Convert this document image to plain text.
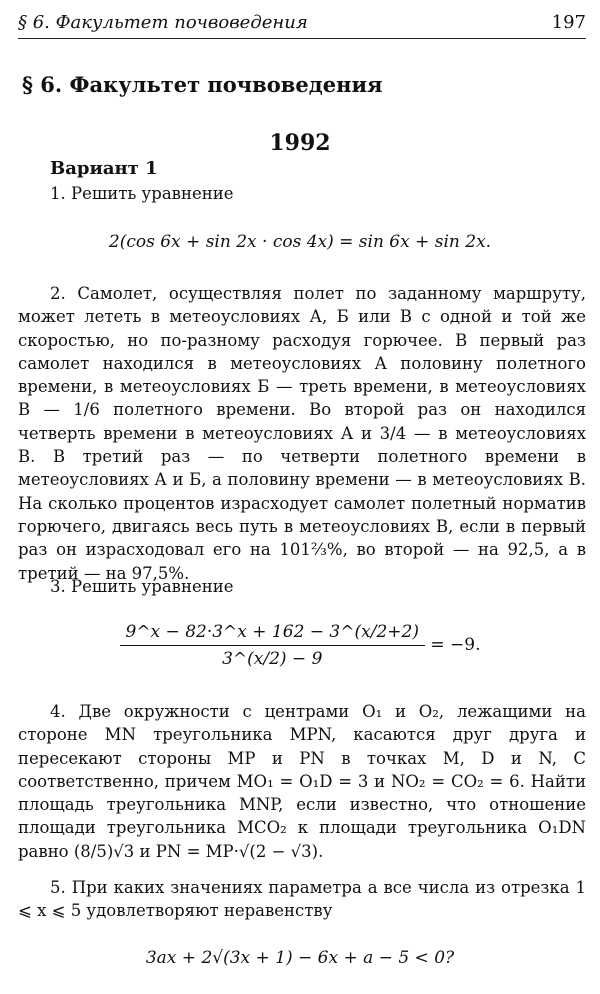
§ 6. Факультет почвоведения	197
§ 6. Факультет почвоведения
1992
Вариант 1
1. Решить уравнение
2(cos 6x + sin 2x · cos 4x) = sin 6x + sin 2x.
2. Самолет, осуществляя полет по заданному маршруту, может лететь в метеоусловиях А, Б или В с одной и той же скоростью, но по-разному расходуя горючее. В первый раз самолет находился в метеоусловиях А половину полетного времени, в метеоусловиях Б — треть времени, в метеоусловиях В — 1/6 полетного времени. Во второй раз он находился четверть времени в метеоусловиях А и 3/4 — в метеоусловиях В. В третий раз — по четверти полетного времени в метеоусловиях А и Б, а половину времени — в метеоусловиях В. На сколько процентов израсходует самолет полетный норматив горючего, двигаясь весь путь в метеоусловиях В, если в первый раз он израсходовал его на 101⅔%, во второй — на 92,5, а в третий — на 97,5%.
3. Решить уравнение
$\frac{9\^{}x - 82\cdot 3\^{}x + 162 - 3\^{}(x/2+2)}{3\^{}(x/2) - 9} = -9$.
4. Две окружности с центрами O₁ и O₂, лежащими на стороне MN треугольника MPN, касаются друг друга и пересекают стороны MP и PN в точках M, D и N, C соответственно, причем MO₁ = O₁D = 3 и NO₂ = CO₂ = 6. Найти площадь треугольника MNP, если известно, что отношение площади треугольника MCO₂ к площади треугольника O₁DN равно (8/5)√3 и PN = MP·√(2 − √3).
5. При каких значениях параметра a все числа из отрезка 1 ⩽ x ⩽ 5 удовлетворяют неравенству
3ax + 2√(3x + 1) − 6x + a − 5 < 0?
